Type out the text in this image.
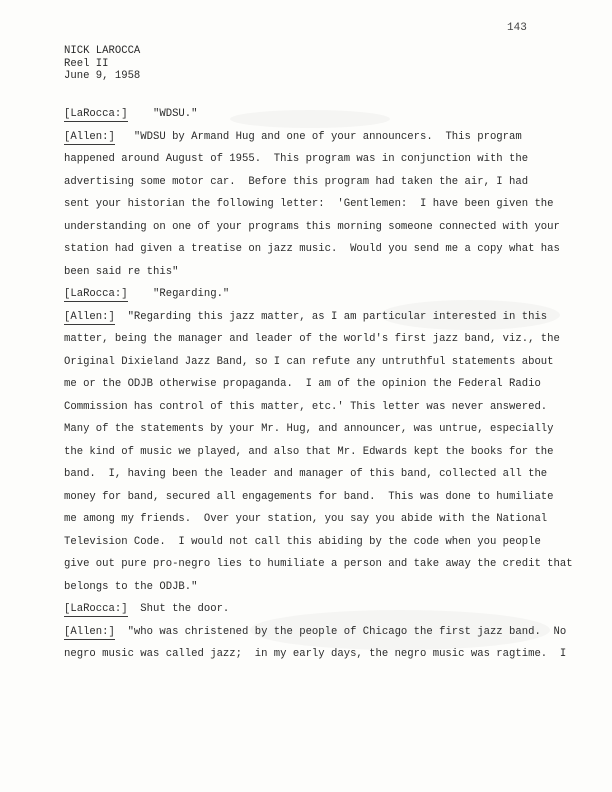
143
NICK LAROCCA
Reel II
June 9, 1958
[LaRocca:]    "WDSU."
[Allen:]   "WDSU by Armand Hug and one of your announcers.  This program
happened around August of 1955.  This program was in conjunction with the
advertising some motor car.  Before this program had taken the air, I had
sent your historian the following letter:  'Gentlemen:  I have been given the
understanding on one of your programs this morning someone connected with your
station had given a treatise on jazz music.  Would you send me a copy what has
been said re this"
[LaRocca:]    "Regarding."
[Allen:]  "Regarding this jazz matter, as I am particular interested in this
matter, being the manager and leader of the world's first jazz band, viz., the
Original Dixieland Jazz Band, so I can refute any untruthful statements about
me or the ODJB otherwise propaganda.  I am of the opinion the Federal Radio
Commission has control of this matter, etc.' This letter was never answered.
Many of the statements by your Mr. Hug, and announcer, was untrue, especially
the kind of music we played, and also that Mr. Edwards kept the books for the
band.  I, having been the leader and manager of this band, collected all the
money for band, secured all engagements for band.  This was done to humiliate
me among my friends.  Over your station, you say you abide with the National
Television Code.  I would not call this abiding by the code when you people
give out pure pro-negro lies to humiliate a person and take away the credit that
belongs to the ODJB."
[LaRocca:]  Shut the door.
[Allen:]  "who was christened by the people of Chicago the first jazz band.  No
negro music was called jazz;  in my early days, the negro music was ragtime.  I
